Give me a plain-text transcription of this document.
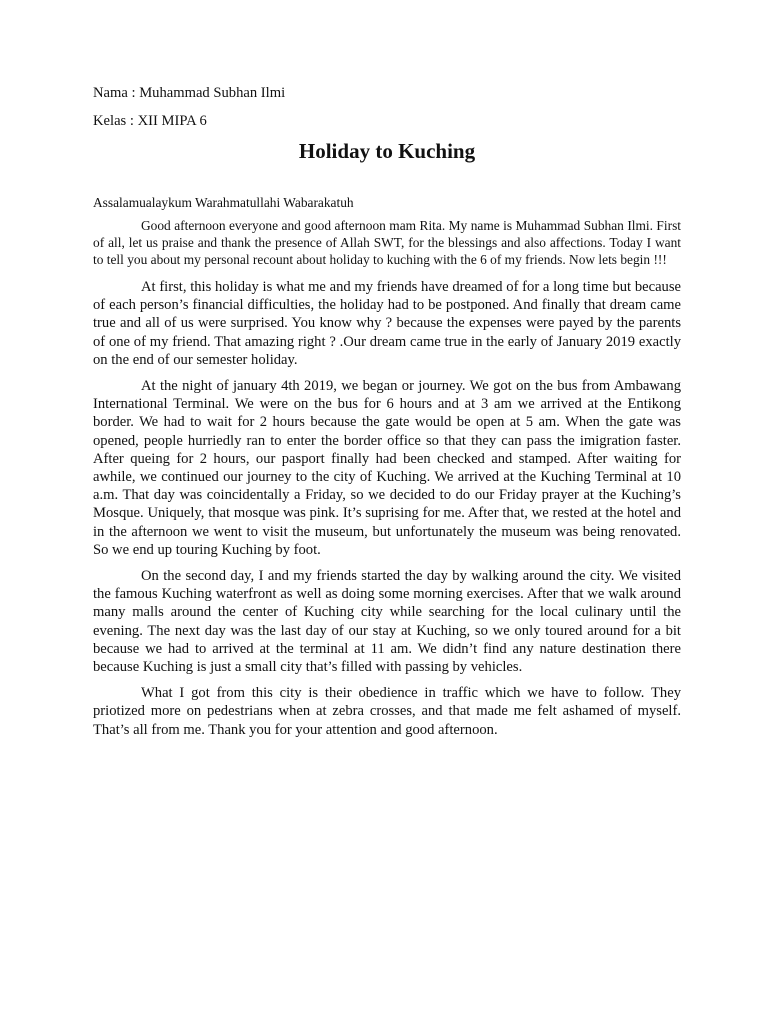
Nama : Muhammad Subhan Ilmi

Kelas : XII MIPA 6

Holiday to Kuching

Assalamualaykum Warahmatullahi Wabarakatuh

Good afternoon everyone and good afternoon mam Rita. My name is Muhammad Subhan Ilmi. First of all, let us praise and thank the presence of Allah SWT, for the blessings and also affections. Today I want to tell you about my personal recount about holiday to kuching with the 6 of my friends. Now lets begin !!!

At first, this holiday is what me and my friends have dreamed of for a long time but because of each person’s financial difficulties, the holiday had to be postponed. And finally that dream came true and all of us were surprised. You know why ? because the expenses were payed by the parents of one of my friend. That amazing right ? .Our dream came true in the early of January 2019 exactly on the end of our semester holiday.

At the night of january 4th 2019, we began or journey. We got on the bus from Ambawang International Terminal. We were on the bus for 6 hours and at 3 am we arrived at the Entikong border. We had to wait for 2 hours because the gate would be open at 5 am. When the gate was opened, people hurriedly ran to enter the border office so that they can pass the imigration faster. After queing for 2 hours, our pasport finally had been checked and stamped. After waiting for awhile, we continued our journey to the city of Kuching. We arrived at the Kuching Terminal at 10 a.m. That day was coincidentally a Friday, so we decided to do our Friday prayer at the Kuching’s Mosque. Uniquely, that mosque was pink. It’s suprising for me. After that, we rested at the hotel and in the afternoon we went to visit the museum, but unfortunately the museum was being renovated. So we end up touring Kuching by foot.

On the second day, I and my friends started the day by walking around the city. We visited the famous Kuching waterfront as well as doing some morning exercises. After that we walk around many malls around the center of Kuching city while searching for the local culinary until the evening. The next day was the last day of our stay at Kuching, so we only toured around for a bit because we had to arrived at the terminal at 11 am. We didn’t find any nature destination there because Kuching is just a small city that’s filled with passing by vehicles.

What I got from this city is their obedience in traffic which we have to follow. They priotized more on pedestrians when at zebra crosses, and that made me felt ashamed of myself. That’s all from me. Thank you for your attention and good afternoon.
